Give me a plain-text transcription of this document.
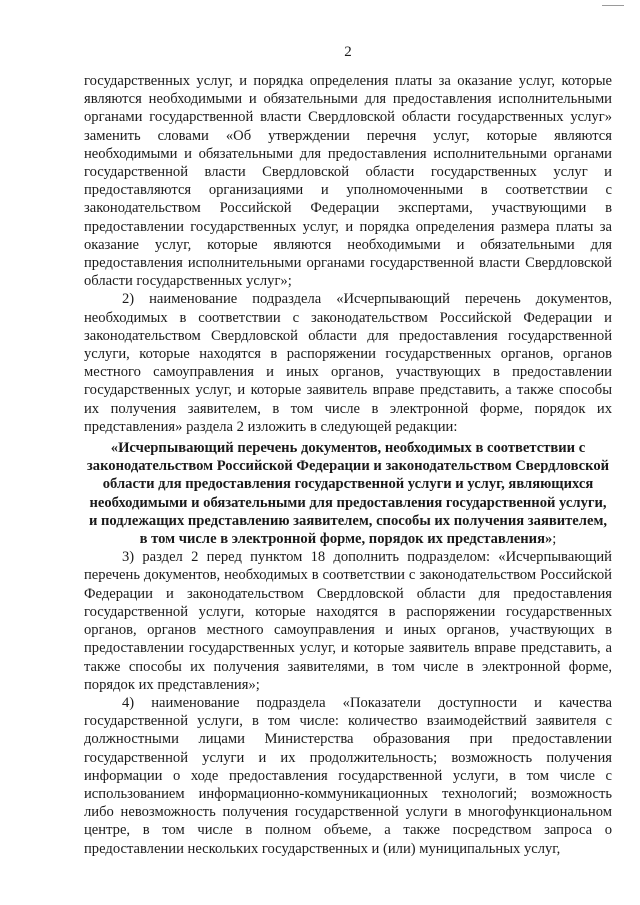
2

государственных услуг, и порядка определения платы за оказание услуг, которые являются необходимыми и обязательными для предоставления исполнительными органами государственной власти Свердловской области государственных услуг» заменить словами «Об утверждении перечня услуг, которые являются необходимыми и обязательными для предоставления исполнительными органами государственной власти Свердловской области государственных услуг и предоставляются организациями и уполномоченными в соответствии с законодательством Российской Федерации экспертами, участвующими в предоставлении государственных услуг, и порядка определения размера платы за оказание услуг, которые являются необходимыми и обязательными для предоставления исполнительными органами государственной власти Свердловской области государственных услуг»;

2) наименование подраздела «Исчерпывающий перечень документов, необходимых в соответствии с законодательством Российской Федерации и законодательством Свердловской области для предоставления государственной услуги, которые находятся в распоряжении государственных органов, органов местного самоуправления и иных органов, участвующих в предоставлении государственных услуг, и которые заявитель вправе представить, а также способы их получения заявителем, в том числе в электронной форме, порядок их представления» раздела 2 изложить в следующей редакции:

«Исчерпывающий перечень документов, необходимых в соответствии с законодательством Российской Федерации и законодательством Свердловской области для предоставления государственной услуги и услуг, являющихся необходимыми и обязательными для предоставления государственной услуги, и подлежащих представлению заявителем, способы их получения заявителем, в том числе в электронной форме, порядок их представления»;

3) раздел 2 перед пунктом 18 дополнить подразделом: «Исчерпывающий перечень документов, необходимых в соответствии с законодательством Российской Федерации и законодательством Свердловской области для предоставления государственной услуги, которые находятся в распоряжении государственных органов, органов местного самоуправления и иных органов, участвующих в предоставлении государственных услуг, и которые заявитель вправе представить, а также способы их получения заявителями, в том числе в электронной форме, порядок их представления»;

4) наименование подраздела «Показатели доступности и качества государственной услуги, в том числе: количество взаимодействий заявителя с должностными лицами Министерства образования при предоставлении государственной услуги и их продолжительность; возможность получения информации о ходе предоставления государственной услуги, в том числе с использованием информационно-коммуникационных технологий; возможность либо невозможность получения государственной услуги в многофункциональном центре, в том числе в полном объеме, а также посредством запроса о предоставлении нескольких государственных и (или) муниципальных услуг,
